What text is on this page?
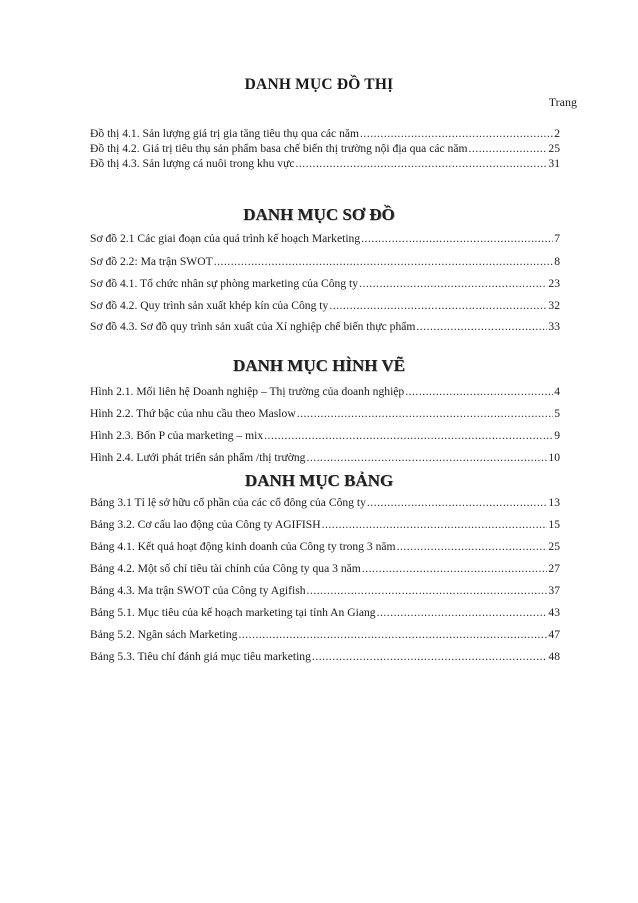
DANH MỤC ĐỒ THỊ
Trang
Đồ thị 4.1. Sản lượng giá trị gia tăng tiêu thụ qua các năm .....	2
Đồ thị 4.2. Giá trị tiêu thụ sản phẩm basa chế biến thị trường nội địa qua các năm .....	25
Đồ thị 4.3. Sản lượng cá nuôi trong khu vực .....	31
DANH MỤC SƠ ĐỒ
Sơ đồ 2.1 Các giai đoạn của quá trình kế hoạch Marketing .....	7
Sơ đồ 2.2: Ma trận SWOT .....	8
Sơ đồ 4.1. Tổ chức nhân sự phòng marketing của Công ty .....	23
Sơ đồ 4.2. Quy trình sản xuất khép kín của Công ty .....	32
Sơ đồ 4.3. Sơ đồ quy trình sản xuất của Xí nghiệp chế biến thực phẩm .....	33
DANH MỤC HÌNH VẼ
Hình 2.1. Mối liên hệ Doanh nghiệp – Thị trường của doanh nghiệp .....	4
Hình 2.2. Thứ bậc của nhu cầu theo Maslow .....	5
Hình 2.3. Bốn P của marketing – mix .....	9
Hình 2.4. Lưới phát triển sản phẩm /thị trường .....	10
DANH MỤC BẢNG
Bảng 3.1 Tỉ lệ sở hữu cổ phần của các cổ đông của Công ty .....	13
Bảng 3.2. Cơ cấu lao động của Công ty AGIFISH .....	15
Bảng 4.1. Kết quả hoạt động kinh doanh của Công ty trong 3 năm .....	25
Bảng 4.2. Một số chỉ tiêu tài chính của Công ty qua 3 năm .....	27
Bảng 4.3. Ma trận SWOT của Công ty Agifish .....	37
Bảng 5.1. Mục tiêu của kế hoạch marketing tại tỉnh An Giang .....	43
Bảng 5.2. Ngân sách Marketing .....	47
Bảng 5.3. Tiêu chí đánh giá mục tiêu marketing .....	48
